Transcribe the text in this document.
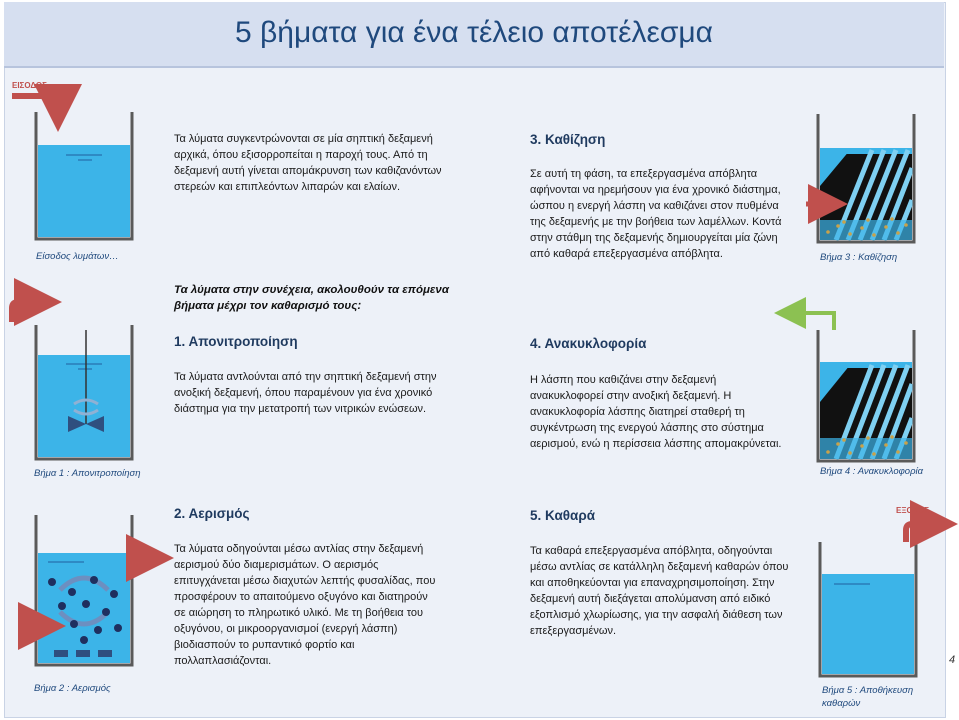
5 βήματα για ένα τέλειο αποτέλεσμα
ΕΙΣΟΔΟΣ
ΕΞΟΔΟΣ
Είσοδος λυμάτων…
Βήμα 1 : Απονιτροποίηση
Βήμα 2 : Αερισμός
Βήμα 3 : Καθίζηση
Βήμα 4 : Ανακυκλοφορία
Βήμα 5 : Αποθήκευση καθαρών
Τα λύματα συγκεντρώνονται σε μία σηπτική δεξαμενή αρχικά, όπου εξισορροπείται η παροχή τους. Από τη δεξαμενή αυτή γίνεται απομάκρυνση των καθιζανόντων στερεών και επιπλεόντων λιπαρών και ελαίων.
Τα λύματα στην συνέχεια, ακολουθούν τα επόμενα βήματα μέχρι τον καθαρισμό τους:
1. Απονιτροποίηση
Τα λύματα αντλούνται από την σηπτική δεξαμενή στην ανοξική δεξαμενή, όπου παραμένουν για ένα χρονικό διάστημα για την μετατροπή των νιτρικών ενώσεων.
2. Αερισμός
Τα λύματα οδηγούνται μέσω αντλίας στην δεξαμενή αερισμού δύο διαμερισμάτων. Ο αερισμός επιτυγχάνεται μέσω διαχυτών λεπτής φυσαλίδας, που προσφέρουν το απαιτούμενο οξυγόνο και διατηρούν σε αιώρηση το πληρωτικό υλικό. Με τη βοήθεια του οξυγόνου, οι μικροοργανισμοί (ενεργή λάσπη) βιοδιασπούν το ρυπαντικό φορτίο και πολλαπλασιάζονται.
3. Καθίζηση
Σε αυτή τη φάση, τα επεξεργασμένα απόβλητα αφήνονται να ηρεμήσουν για ένα χρονικό διάστημα, ώσπου η ενεργή λάσπη να καθιζάνει στον πυθμένα της δεξαμενής με την βοήθεια των λαμέλλων. Κοντά στην στάθμη της δεξαμενής δημιουργείται μία ζώνη από καθαρά επεξεργασμένα απόβλητα.
4. Ανακυκλοφορία
Η λάσπη που καθιζάνει στην δεξαμενή ανακυκλοφορεί στην ανοξική δεξαμενή. Η ανακυκλοφορία λάσπης διατηρεί σταθερή τη συγκέντρωση της ενεργού λάσπης στο σύστημα αερισμού, ενώ η περίσσεια λάσπης απομακρύνεται.
5. Καθαρά
Τα καθαρά επεξεργασμένα απόβλητα, οδηγούνται μέσω αντλίας σε κατάλληλη δεξαμενή καθαρών όπου και αποθηκεύονται για επαναχρησιμοποίηση. Στην δεξαμενή αυτή διεξάγεται απολύμανση από ειδικό εξοπλισμό χλωρίωσης, για την ασφαλή διάθεση των επεξεργασμένων.
4
